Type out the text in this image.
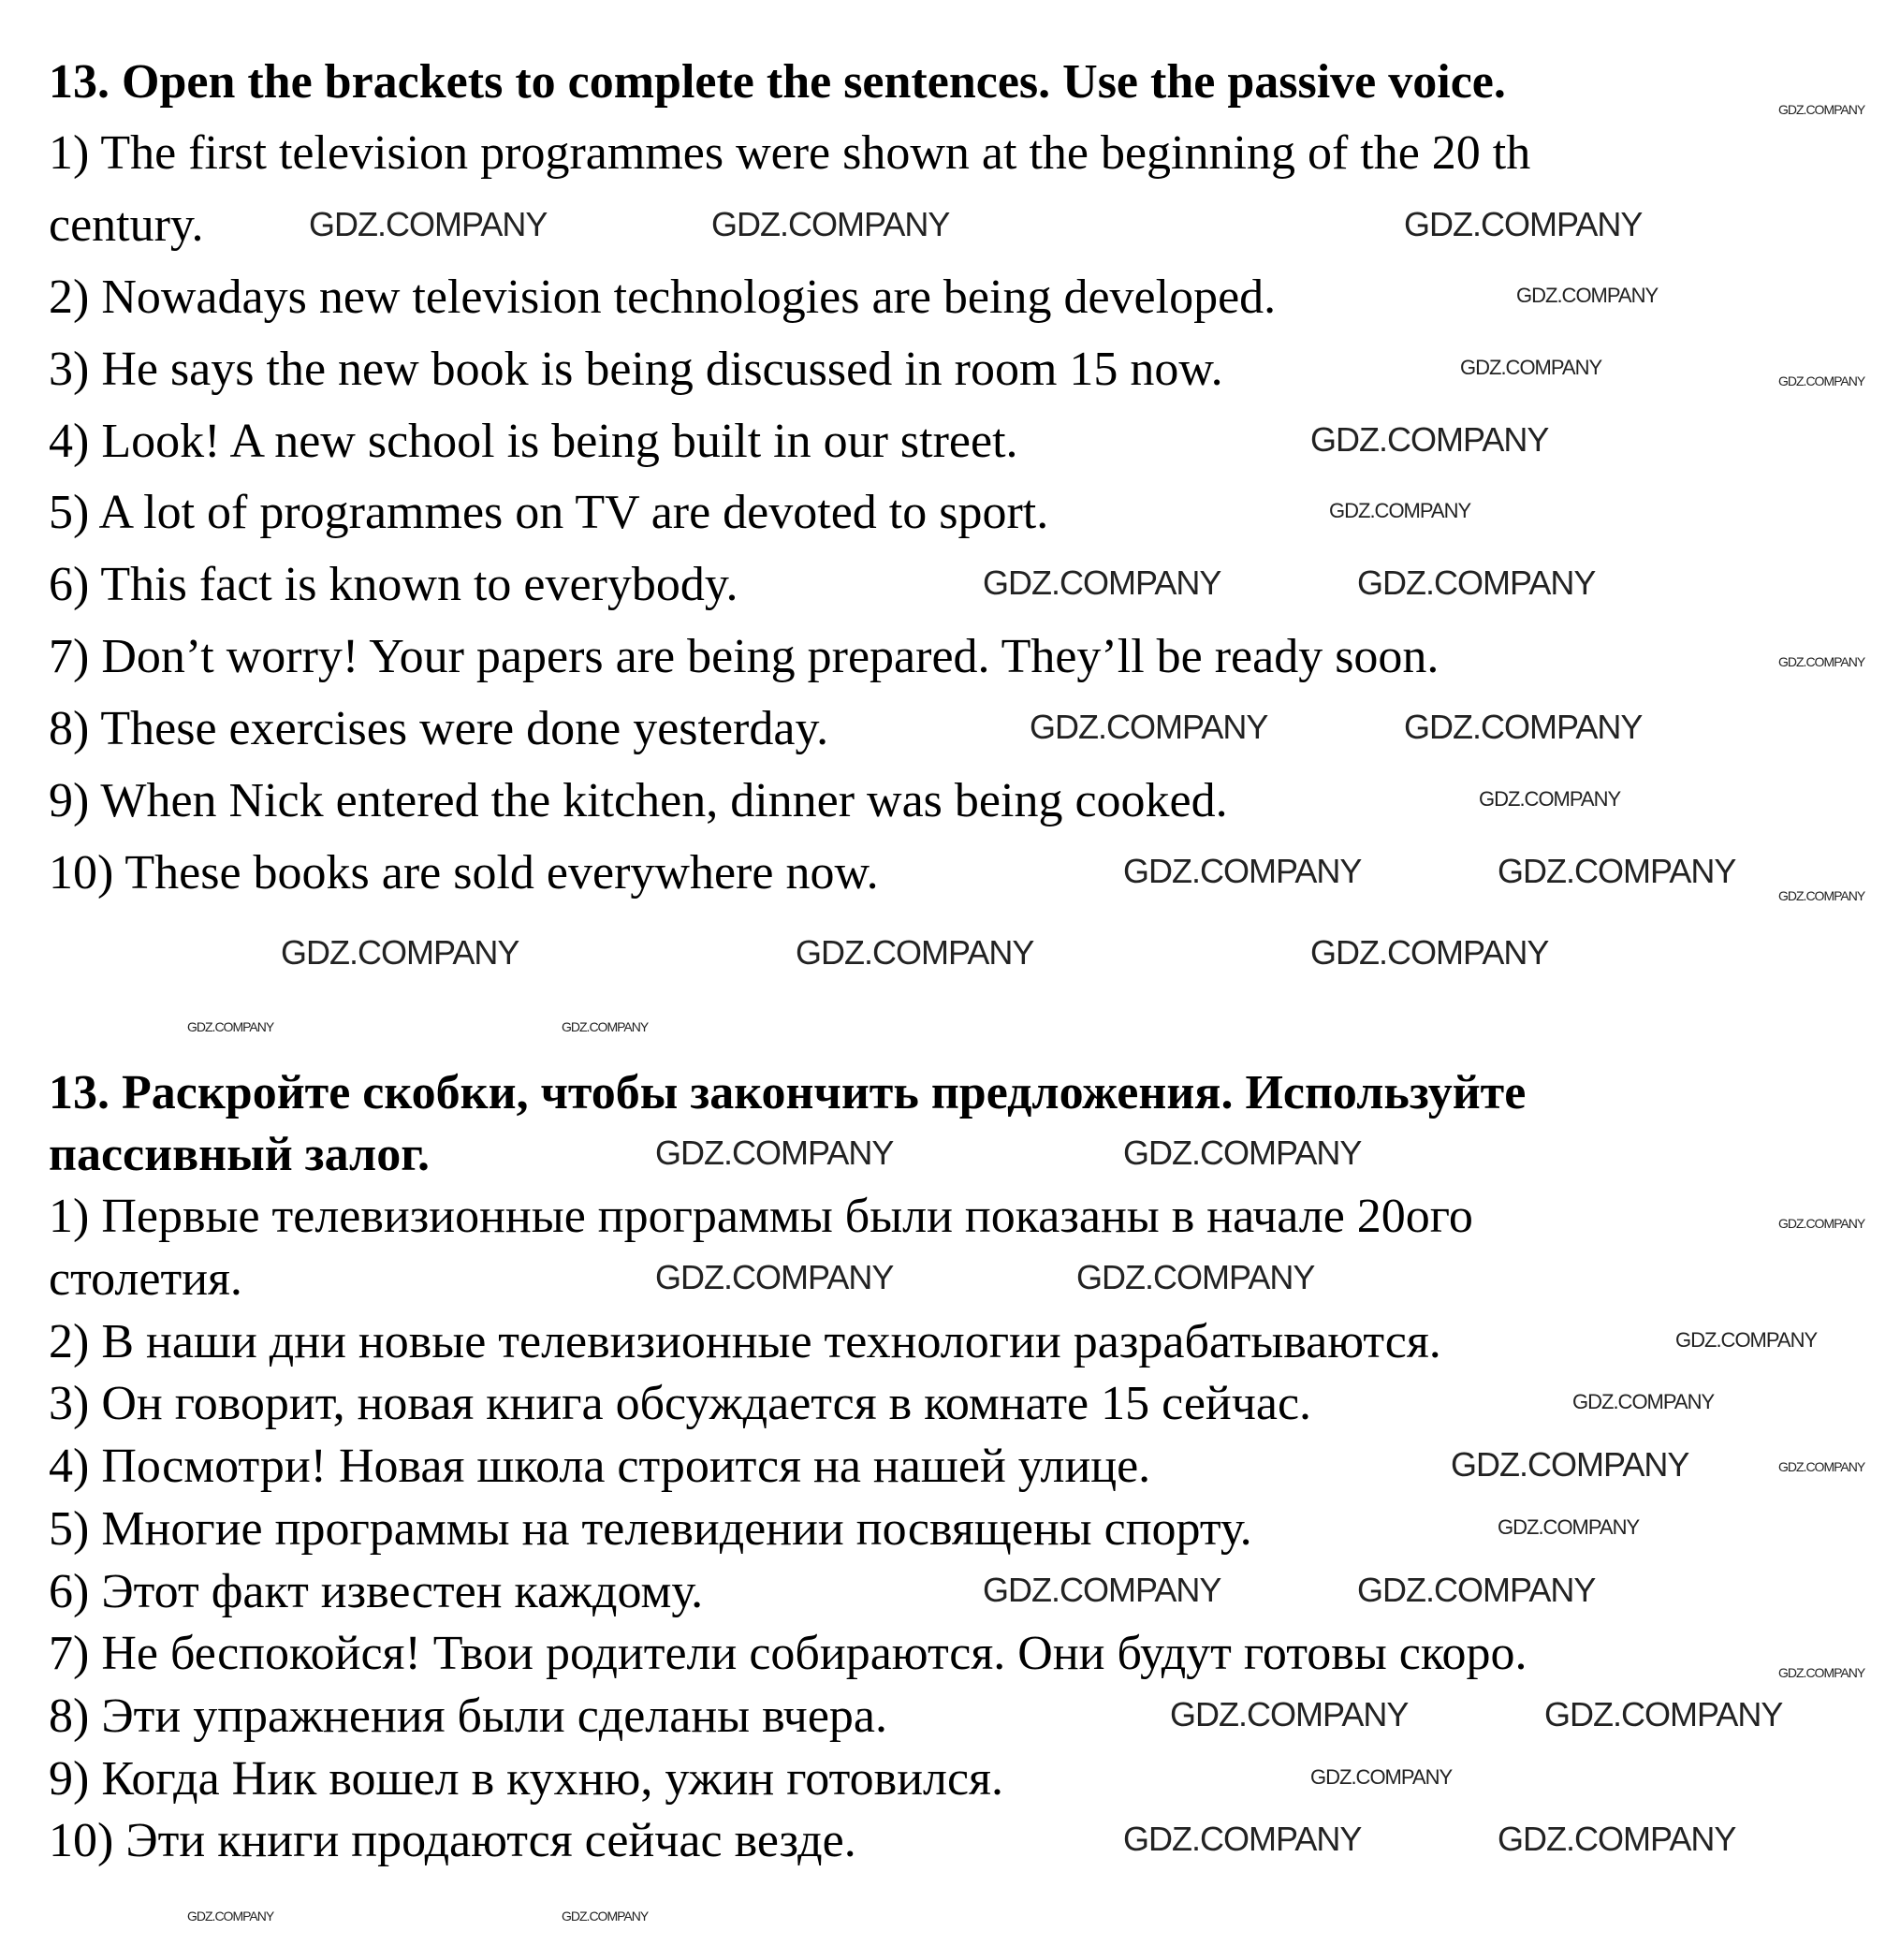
13. Open the brackets to complete the sentences. Use the passive voice.
1) The first television programmes were shown at the beginning of the 20 th
century.
2) Nowadays new television technologies are being developed.
3) He says the new book is being discussed in room 15 now.
4) Look! A new school is being built in our street.
5) A lot of programmes on TV are devoted to sport.
6) This fact is known to everybody.
7) Don’t worry! Your papers are being prepared. They’ll be ready soon.
8) These exercises were done yesterday.
9) When Nick entered the kitchen, dinner was being cooked.
10) These books are sold everywhere now.
13. Раскройте скобки, чтобы закончить предложения. Используйте
пассивный залог.
1) Первые телевизионные программы были показаны в начале 20ого
столетия.
2) В наши дни новые телевизионные технологии разрабатываются.
3) Он говорит, новая книга обсуждается в комнате 15 сейчас.
4) Посмотри! Новая школа строится на нашей улице.
5) Многие программы на телевидении посвящены спорту.
6) Этот факт известен каждому.
7) Не беспокойся! Твои родители собираются. Они будут готовы скоро.
8) Эти упражнения были сделаны вчера.
9) Когда Ник вошел в кухню, ужин готовился.
10) Эти книги продаются сейчас везде.
GDZ.COMPANY	GDZ.COMPANY	GDZ.COMPANY
GDZ.COMPANY
GDZ.COMPANY	GDZ.COMPANY
GDZ.COMPANY	GDZ.COMPANY
GDZ.COMPANY	GDZ.COMPANY
GDZ.COMPANY	GDZ.COMPANY	GDZ.COMPANY
GDZ.COMPANY	GDZ.COMPANY
GDZ.COMPANY	GDZ.COMPANY
GDZ.COMPANY
GDZ.COMPANY	GDZ.COMPANY
GDZ.COMPANY	GDZ.COMPANY
GDZ.COMPANY	GDZ.COMPANY
GDZ.COMPANY
GDZ.COMPANY
GDZ.COMPANY
GDZ.COMPANY
GDZ.COMPANY
GDZ.COMPANY
GDZ.COMPANY
GDZ.COMPANY
GDZ.COMPANY
GDZ.COMPANY
GDZ.COMPANY
GDZ.COMPANY
GDZ.COMPANY	GDZ.COMPANY
GDZ.COMPANY
GDZ.COMPANY
GDZ.COMPANY
GDZ.COMPANY	GDZ.COMPANY
